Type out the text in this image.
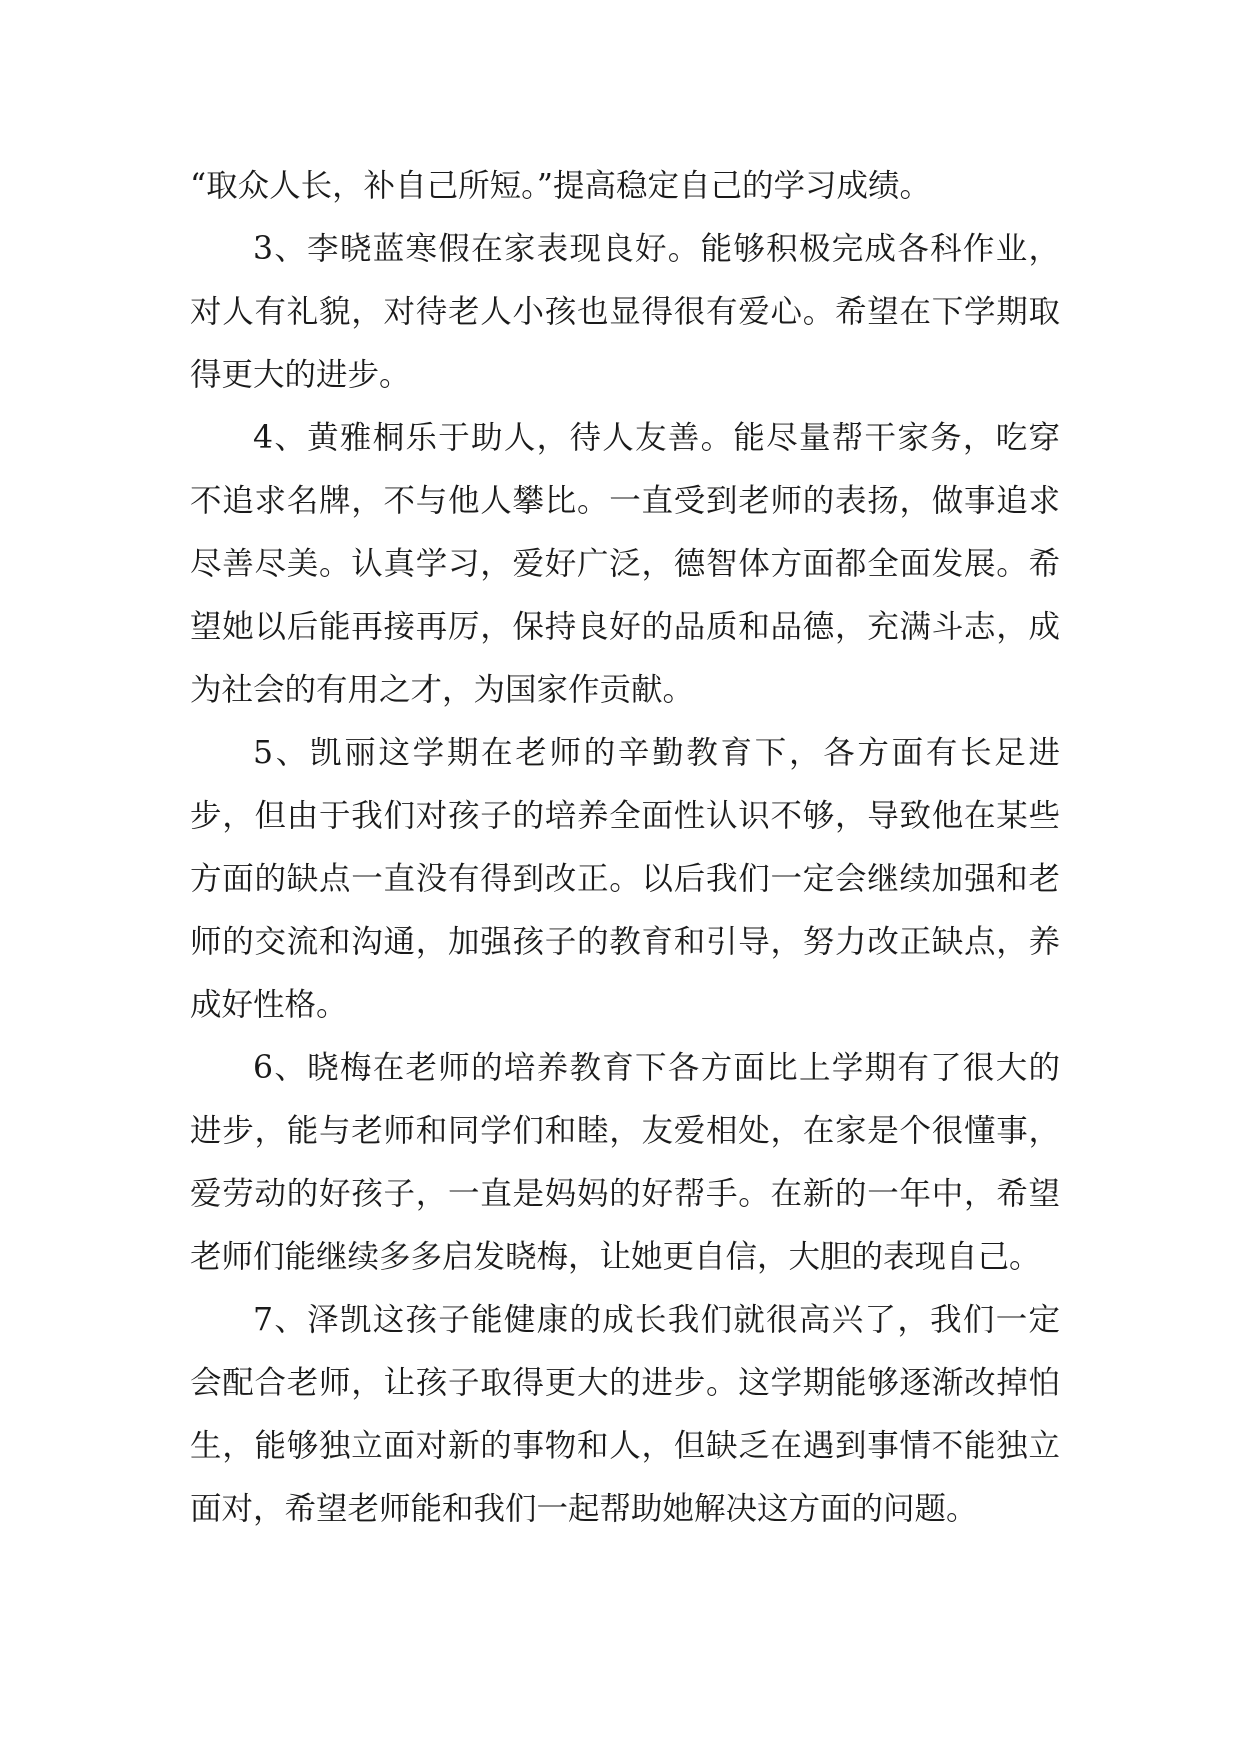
“取众人长，补自己所短。”提高稳定自己的学习成绩。

3、李晓蓝寒假在家表现良好。能够积极完成各科作业，对人有礼貌，对待老人小孩也显得很有爱心。希望在下学期取得更大的进步。

4、黄雅桐乐于助人，待人友善。能尽量帮干家务，吃穿不追求名牌，不与他人攀比。一直受到老师的表扬，做事追求尽善尽美。认真学习，爱好广泛，德智体方面都全面发展。希望她以后能再接再厉，保持良好的品质和品德，充满斗志，成为社会的有用之才，为国家作贡献。

5、凯丽这学期在老师的辛勤教育下，各方面有长足进步，但由于我们对孩子的培养全面性认识不够，导致他在某些方面的缺点一直没有得到改正。以后我们一定会继续加强和老师的交流和沟通，加强孩子的教育和引导，努力改正缺点，养成好性格。

6、晓梅在老师的培养教育下各方面比上学期有了很大的进步，能与老师和同学们和睦，友爱相处，在家是个很懂事，爱劳动的好孩子，一直是妈妈的好帮手。在新的一年中，希望老师们能继续多多启发晓梅，让她更自信，大胆的表现自己。

7、泽凯这孩子能健康的成长我们就很高兴了，我们一定会配合老师，让孩子取得更大的进步。这学期能够逐渐改掉怕生，能够独立面对新的事物和人，但缺乏在遇到事情不能独立面对，希望老师能和我们一起帮助她解决这方面的问题。
